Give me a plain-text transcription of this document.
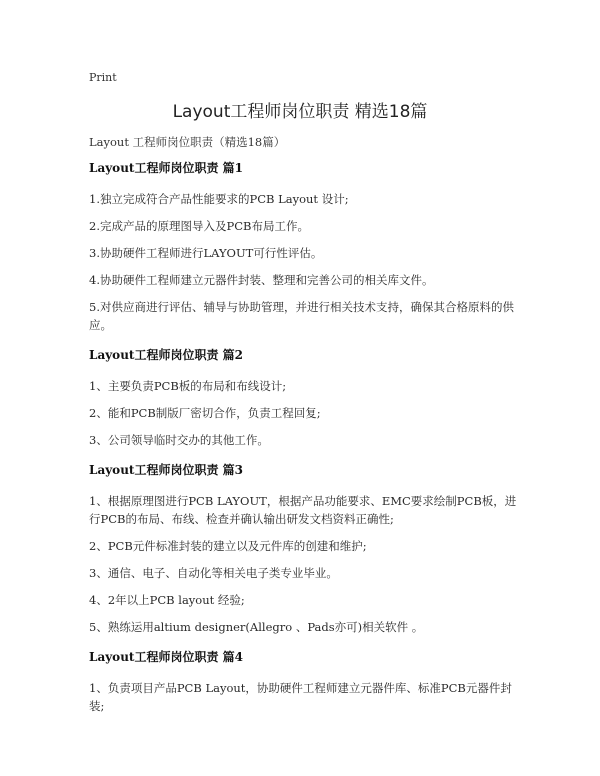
Print
Layout工程师岗位职责 精选18篇
Layout 工程师岗位职责（精选18篇）
Layout工程师岗位职责 篇1

1.独立完成符合产品性能要求的PCB Layout 设计;

2.完成产品的原理图导入及PCB布局工作。

3.协助硬件工程师进行LAYOUT可行性评估。

4.协助硬件工程师建立元器件封装、整理和完善公司的相关库文件。

5.对供应商进行评估、辅导与协助管理，并进行相关技术支持，确保其合格原料的供应。

Layout工程师岗位职责 篇2

1、主要负责PCB板的布局和布线设计;

2、能和PCB制版厂密切合作，负责工程回复;

3、公司领导临时交办的其他工作。

Layout工程师岗位职责 篇3

1、根据原理图进行PCB LAYOUT，根据产品功能要求、EMC要求绘制PCB板，进行PCB的布局、布线、检查并确认输出研发文档资料正确性;

2、PCB元件标准封装的建立以及元件库的创建和维护;

3、通信、电子、自动化等相关电子类专业毕业。

4、2年以上PCB layout 经验;

5、熟练运用altium designer(Allegro 、Pads亦可)相关软件 。

Layout工程师岗位职责 篇4

1、负责项目产品PCB Layout，协助硬件工程师建立元器件库、标准PCB元器件封装;
